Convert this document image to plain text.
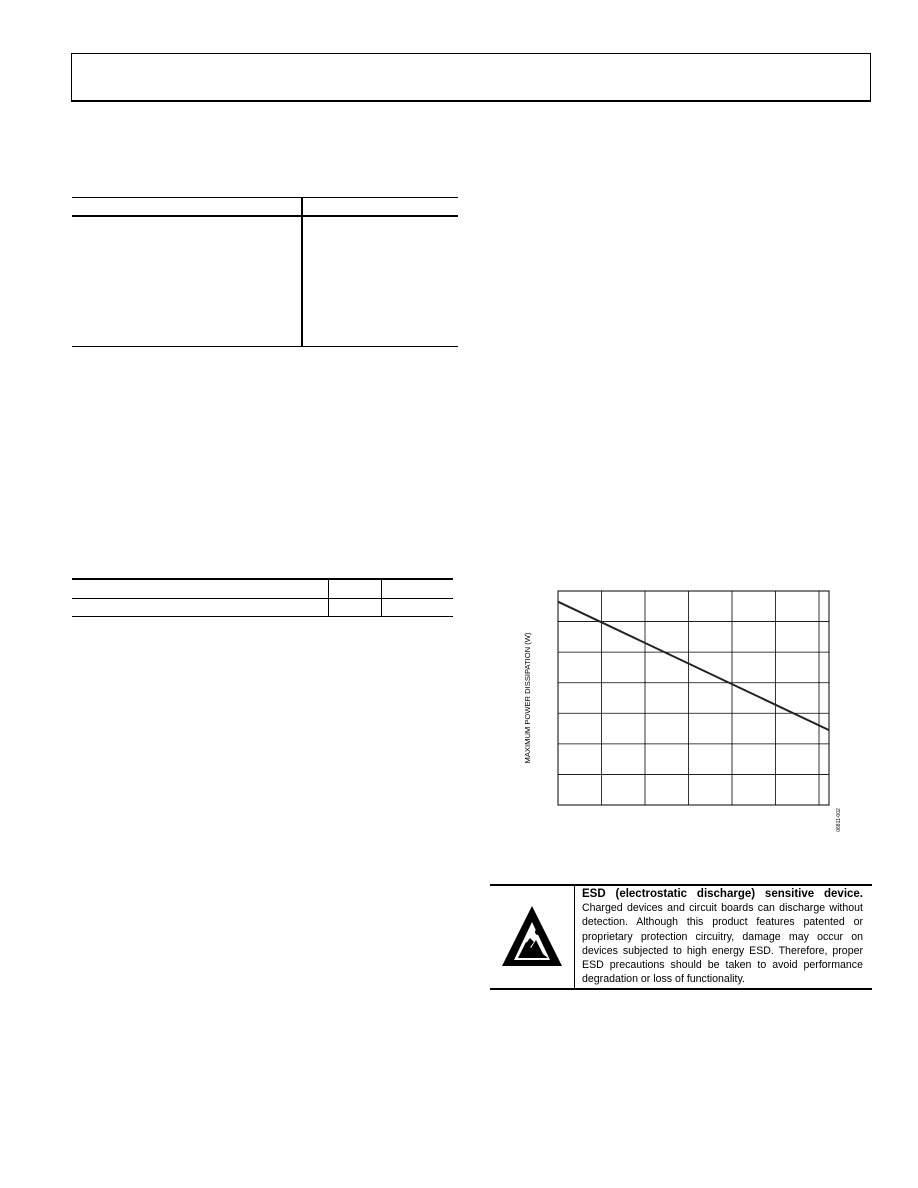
MAXIMUM POWER DISSIPATION (W)
06811-002
ESD (electrostatic discharge) sensitive device. Charged devices and circuit boards can discharge without detection. Although this product features patented or proprietary protection circuitry, damage may occur on devices subjected to high energy ESD. Therefore, proper ESD precautions should be taken to avoid performance degradation or loss of functionality.
